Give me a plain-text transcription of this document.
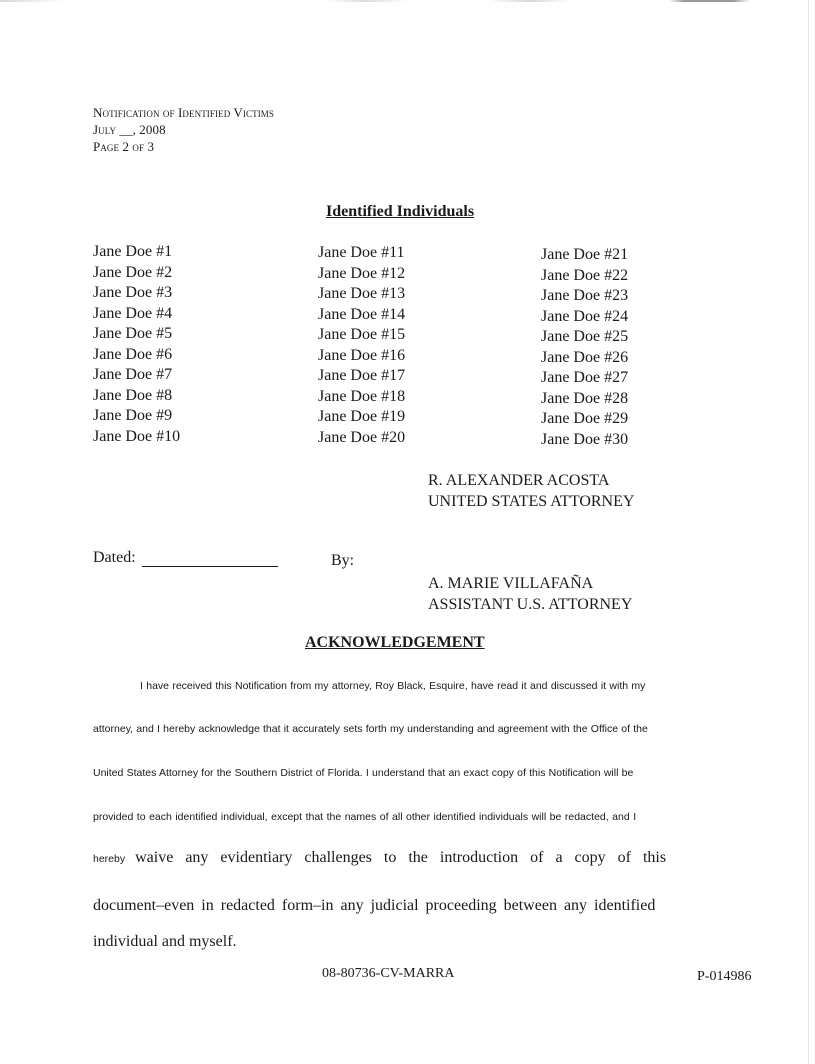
Notification of Identified Victims
July __, 2008
Page 2 of 3
Identified Individuals
Jane Doe #1
Jane Doe #2
Jane Doe #3
Jane Doe #4
Jane Doe #5
Jane Doe #6
Jane Doe #7
Jane Doe #8
Jane Doe #9
Jane Doe #10
Jane Doe #11
Jane Doe #12
Jane Doe #13
Jane Doe #14
Jane Doe #15
Jane Doe #16
Jane Doe #17
Jane Doe #18
Jane Doe #19
Jane Doe #20
Jane Doe #21
Jane Doe #22
Jane Doe #23
Jane Doe #24
Jane Doe #25
Jane Doe #26
Jane Doe #27
Jane Doe #28
Jane Doe #29
Jane Doe #30
R. ALEXANDER ACOSTA
UNITED STATES ATTORNEY
Dated:	By:
A. MARIE VILLAFAÑA
ASSISTANT U.S. ATTORNEY
ACKNOWLEDGEMENT
I have received this Notification from my attorney, Roy Black, Esquire, have read it and discussed it with my
attorney, and I hereby acknowledge that it accurately sets forth my understanding and agreement with the Office of the
United States Attorney for the Southern District of Florida. I understand that an exact copy of this Notification will be
provided to each identified individual, except that the names of all other identified individuals will be redacted, and I
hereby waive any evidentiary challenges to the introduction of a copy of this
document–even in redacted form–in any judicial proceeding between any identified
individual and myself.
08-80736-CV-MARRA	P-014986
